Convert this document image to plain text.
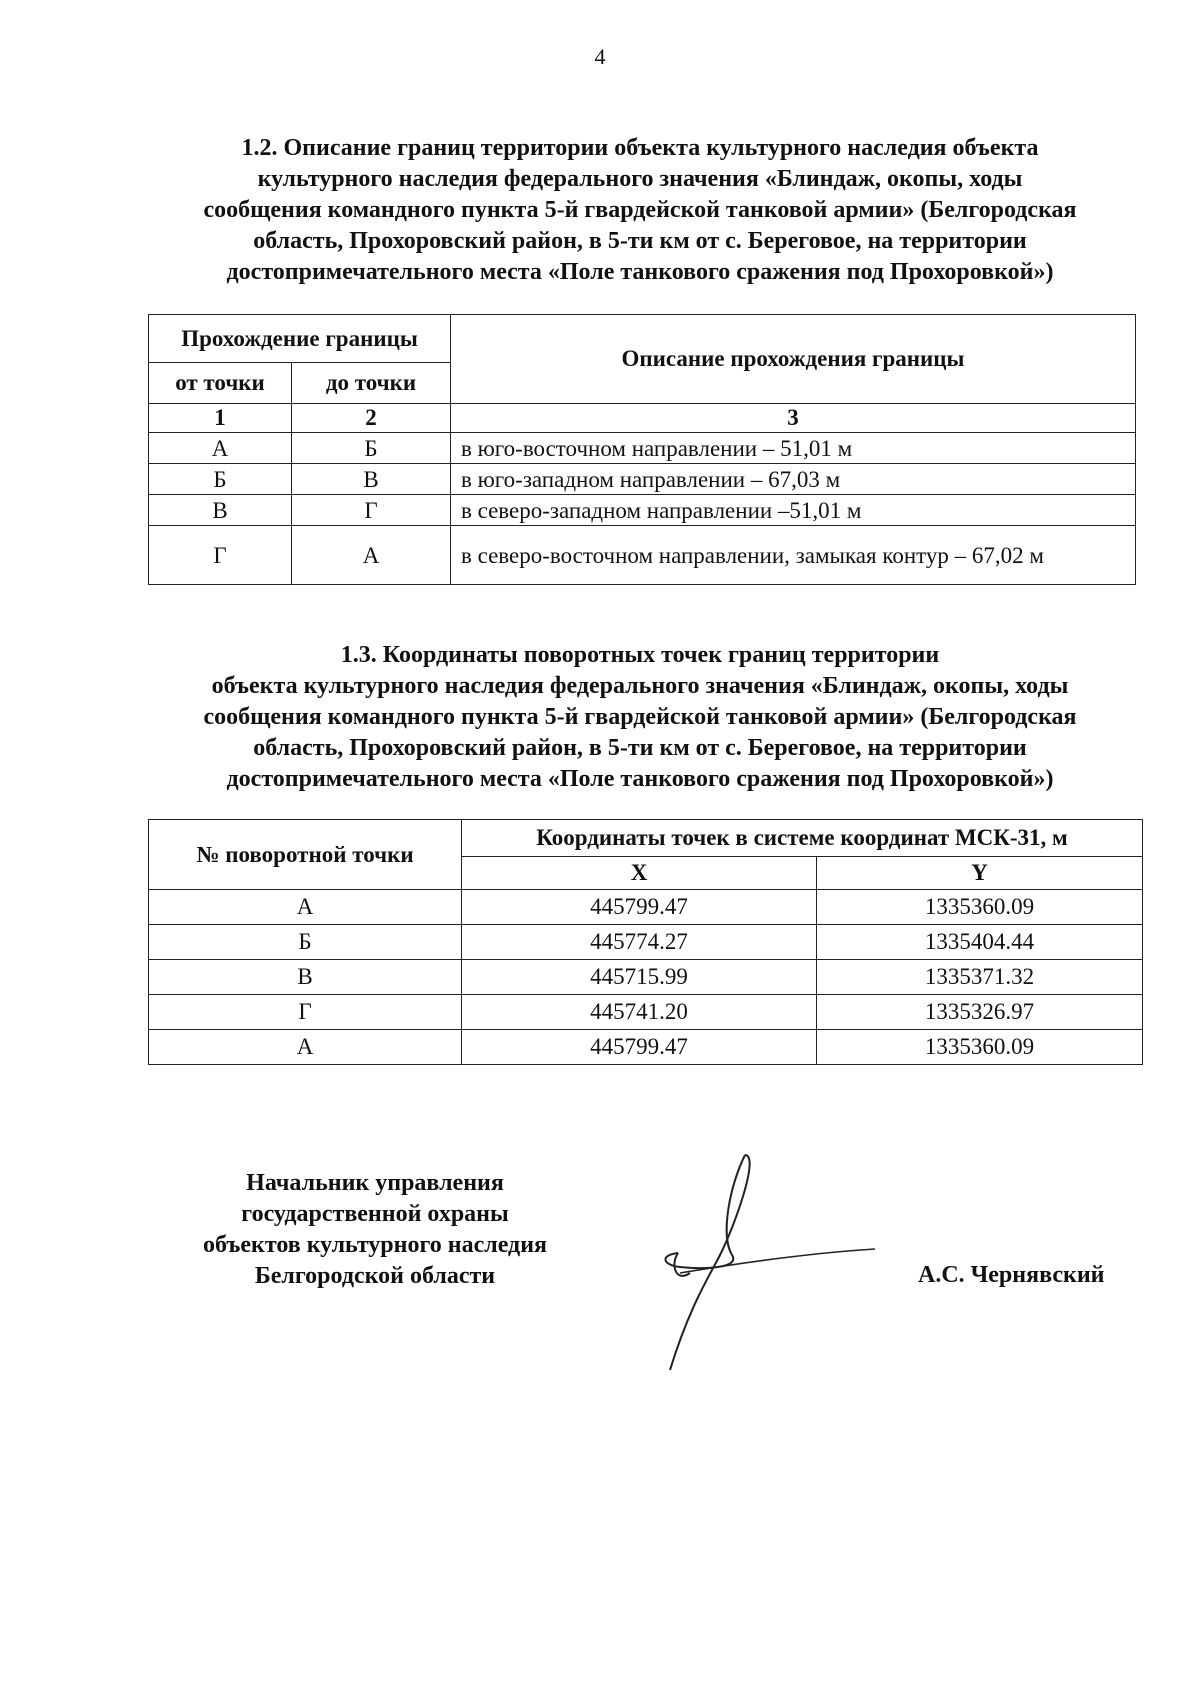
4
1.2. Описание границ территории объекта культурного наследия объекта
культурного наследия федерального значения «Блиндаж, окопы, ходы
сообщения командного пункта 5-й гвардейской танковой армии» (Белгородская
область, Прохоровский район, в 5-ти км от с. Береговое, на территории
достопримечательного места «Поле танкового сражения под Прохоровкой»)
Прохождение границы		Описание прохождения границы
от точки	до точки	
1	2	3
А	Б	в юго-восточном направлении – 51,01 м
Б	В	в юго-западном направлении – 67,03 м
В	Г	в северо-западном направлении –51,01 м
Г	А	в северо-восточном направлении, замыкая контур – 67,02 м
1.3. Координаты поворотных точек границ территории
объекта культурного наследия федерального значения «Блиндаж, окопы, ходы
сообщения командного пункта 5-й гвардейской танковой армии» (Белгородская
область, Прохоровский район, в 5-ти км от с. Береговое, на территории
достопримечательного места «Поле танкового сражения под Прохоровкой»)
№ поворотной точки	Координаты точек в системе координат МСК-31, м	
	X	Y
А	445799.47	1335360.09
Б	445774.27	1335404.44
В	445715.99	1335371.32
Г	445741.20	1335326.97
А	445799.47	1335360.09
Начальник управления
государственной охраны
объектов культурного наследия
Белгородской области	А.С. Чернявский
